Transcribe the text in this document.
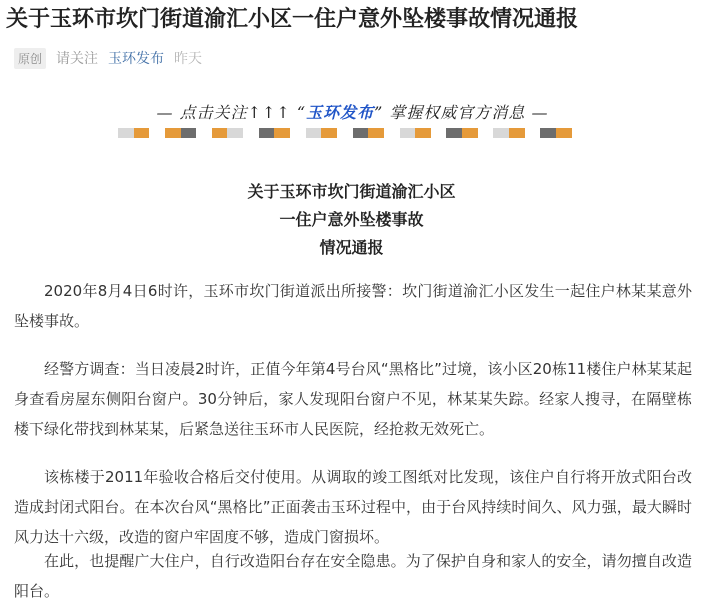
关于玉环市坎门街道渝汇小区一住户意外坠楼事故情况通报
原创 请关注 玉环发布 昨天
— 点击关注↑↑↑ “ 玉环发布 ” 掌握权威官方消息 —
关于玉环市坎门街道渝汇小区
一住户意外坠楼事故
情况通报

2020年8月4日6时许，玉环市坎门街道派出所接警：坎门街道渝汇小区发生一起住户林某某意外坠楼事故。

经警方调查：当日凌晨2时许，正值今年第4号台风“黑格比”过境，该小区20栋11楼住户林某某起身查看房屋东侧阳台窗户。30分钟后，家人发现阳台窗户不见，林某某失踪。经家人搜寻，在隔壁栋楼下绿化带找到林某某，后紧急送往玉环市人民医院，经抢救无效死亡。

该栋楼于2011年验收合格后交付使用。从调取的竣工图纸对比发现，该住户自行将开放式阳台改造成封闭式阳台。在本次台风“黑格比”正面袭击玉环过程中，由于台风持续时间久、风力强，最大瞬时风力达十六级，改造的窗户牢固度不够，造成门窗损坏。

在此，也提醒广大住户，自行改造阳台存在安全隐患。为了保护自身和家人的安全，请勿擅自改造阳台。
